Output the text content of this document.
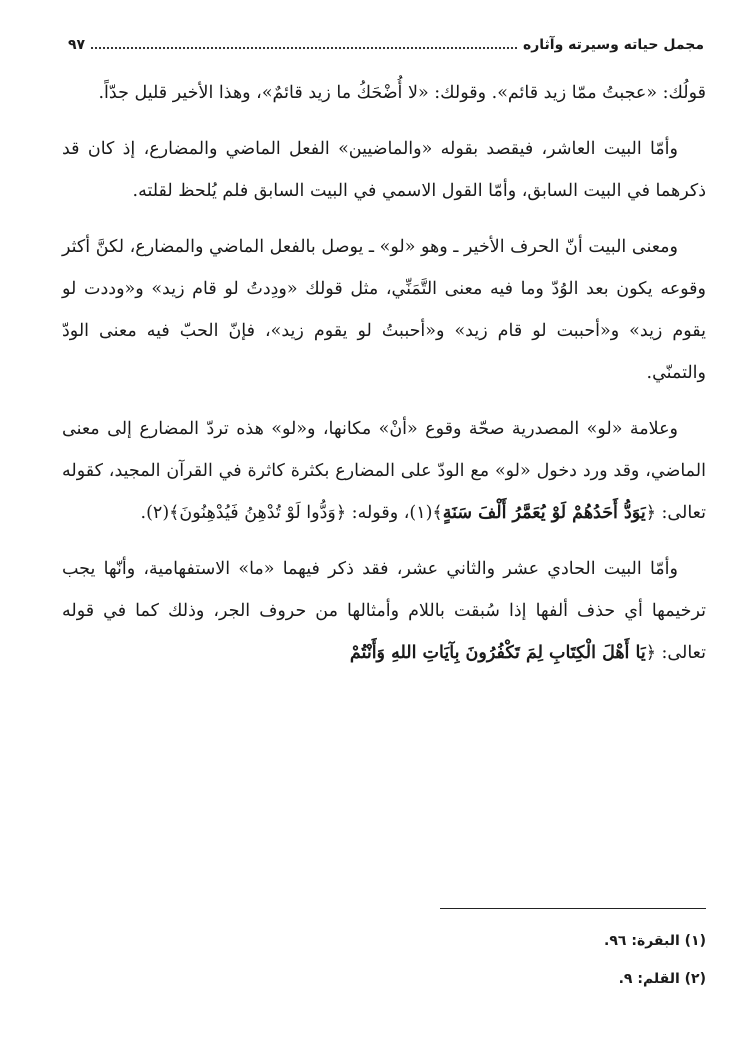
مجمل حياته وسيرته وآثاره
٩٧

قولُك: «عجبتُ ممّا زيد قائم». وقولك: «لا أُضْحَكُ ما زيد قائمٌ»، وهذا الأخير قليل جدّاً.

وأمّا البيت العاشر، فيقصد بقوله «والماضيين» الفعل الماضي والمضارع، إذ كان قد ذكرهما في البيت السابق، وأمّا القول الاسمي في البيت السابق فلم يُلحظ لقلته.

ومعنى البيت أنّ الحرف الأخير ـ وهو «لو» ـ يوصل بالفعل الماضي والمضارع، لكنَّ أكثر وقوعه يكون بعد الوُدّ وما فيه معنى التَّمَنِّي، مثل قولك «ودِدتُ لو قام زيد» و«وددت لو يقوم زيد» و«أحببت لو قام زيد» و«أحببتُ لو يقوم زيد»، فإنّ الحبّ فيه معنى الودّ والتمنّي.

وعلامة «لو» المصدرية صحّة وقوع «أنْ» مكانها، و«لو» هذه تردّ المضارع إلى معنى الماضي، وقد ورد دخول «لو» مع الودّ على المضارع بكثرة كاثرة في القرآن المجيد، كقوله تعالى: ﴿يَوَدُّ أَحَدُهُمْ لَوْ يُعَمَّرُ أَلْفَ سَنَةٍ﴾(١)، وقوله: ﴿وَدُّوا لَوْ تُدْهِنُ فَيُدْهِنُونَ﴾(٢).

وأمّا البيت الحادي عشر والثاني عشر، فقد ذكر فيهما «ما» الاستفهامية، وأنّها يجب ترخيمها أي حذف ألفها إذا سُبقت باللام وأمثالها من حروف الجر، وذلك كما في قوله تعالى: ﴿يَا أَهْلَ الْكِتَابِ لِمَ تَكْفُرُونَ بِآيَاتِ اللهِ وَأَنْتُمْ

(١) البقرة: ٩٦.

(٢) القلم: ٩.
